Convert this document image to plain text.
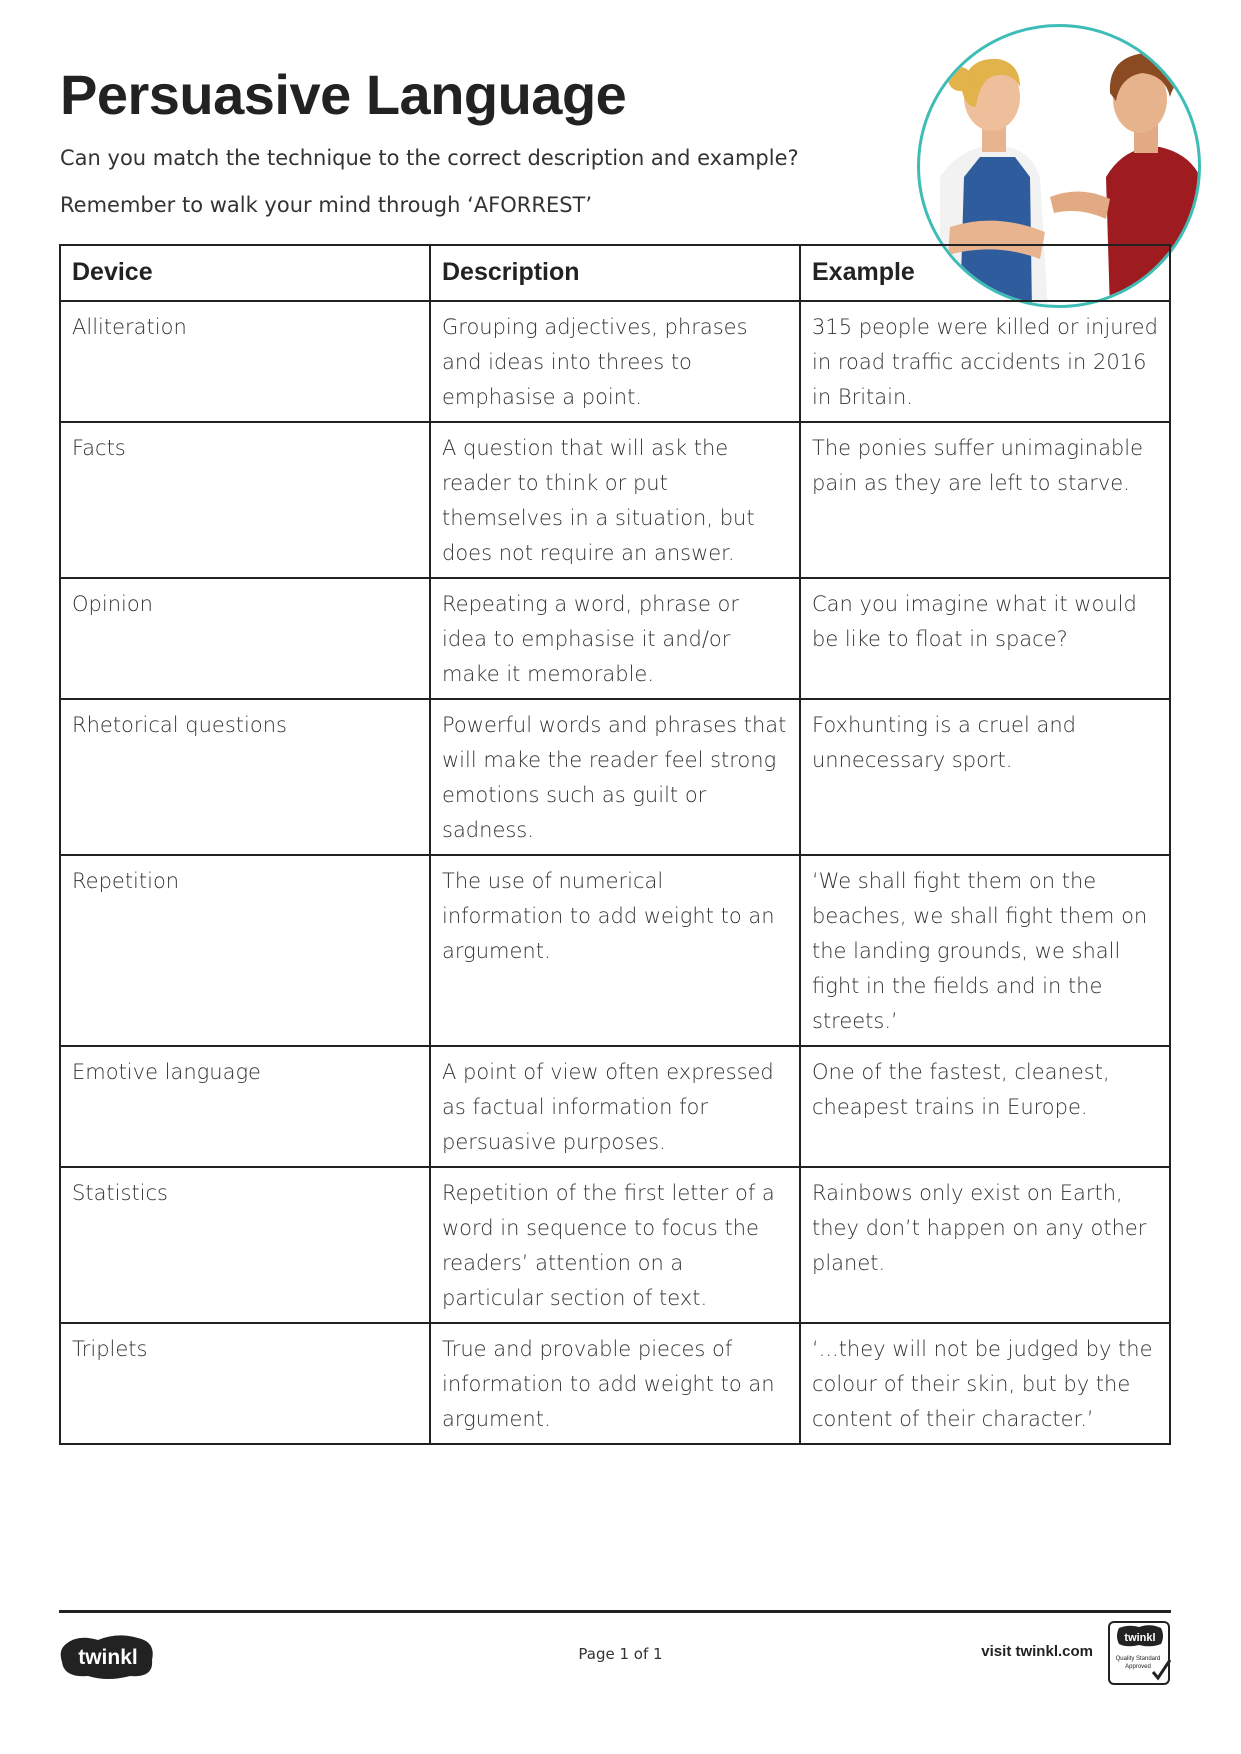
Persuasive Language
Can you match the technique to the correct description and example?
Remember to walk your mind through ‘AFORREST’
Device	Description	Example
Alliteration	Grouping adjectives, phrases and ideas into threes to emphasise a point.	315 people were killed or injured in road traffic accidents in 2016 in Britain.
Facts	A question that will ask the reader to think or put themselves in a situation, but does not require an answer.	The ponies suffer unimaginable pain as they are left to starve.
Opinion	Repeating a word, phrase or idea to emphasise it and/or make it memorable.	Can you imagine what it would be like to float in space?
Rhetorical questions	Powerful words and phrases that will make the reader feel strong emotions such as guilt or sadness.	Foxhunting is a cruel and unnecessary sport.
Repetition	The use of numerical information to add weight to an argument.	‘We shall fight them on the beaches, we shall fight them on the landing grounds, we shall fight in the fields and in the streets.’
Emotive language	A point of view often expressed as factual information for persuasive purposes.	One of the fastest, cleanest, cheapest trains in Europe.
Statistics	Repetition of the first letter of a word in sequence to focus the readers’ attention on a particular section of text.	Rainbows only exist on Earth, they don’t happen on any other planet.
Triplets	True and provable pieces of information to add weight to an argument.	‘...they will not be judged by the colour of their skin, but by the content of their character.’
twinkl	Page 1 of 1	visit twinkl.com
twinkl
Quality Standard
Approved
